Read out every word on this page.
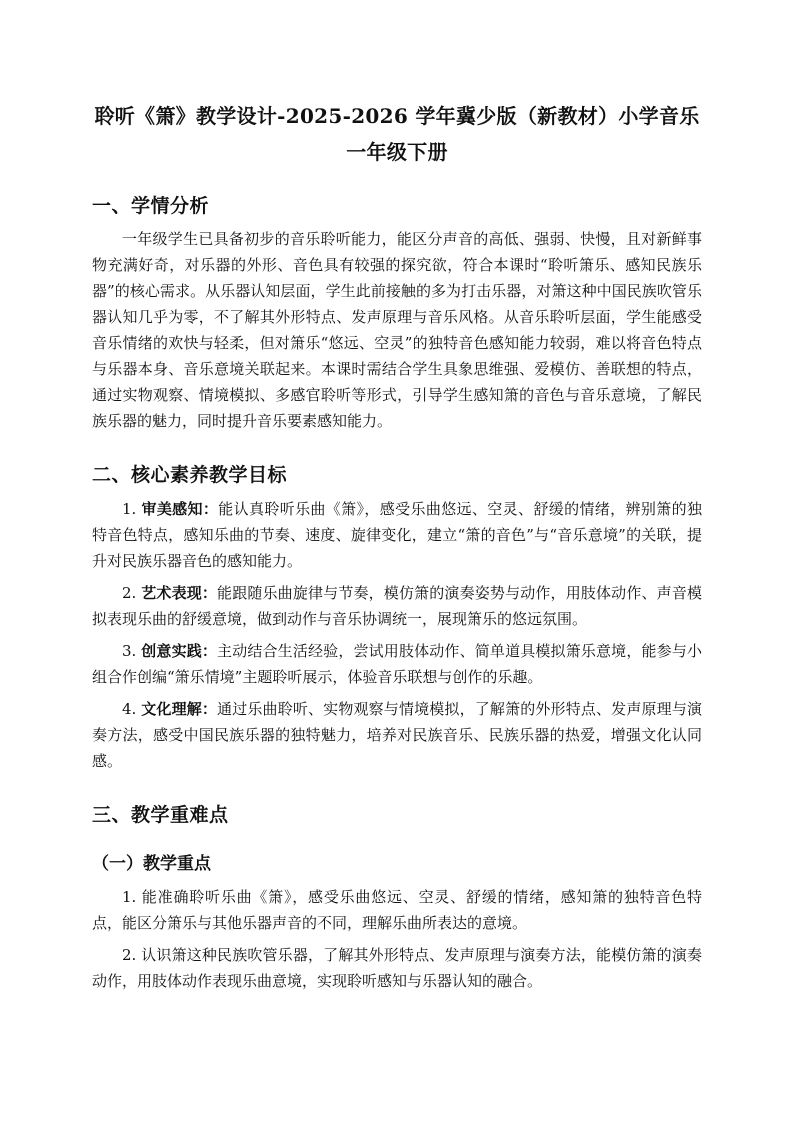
聆听《箫》教学设计-2025-2026 学年冀少版（新教材）小学音乐
一年级下册
一、学情分析

一年级学生已具备初步的音乐聆听能力，能区分声音的高低、强弱、快慢，且对新鲜事物充满好奇，对乐器的外形、音色具有较强的探究欲，符合本课时“聆听箫乐、感知民族乐器”的核心需求。从乐器认知层面，学生此前接触的多为打击乐器，对箫这种中国民族吹管乐器认知几乎为零，不了解其外形特点、发声原理与音乐风格。从音乐聆听层面，学生能感受音乐情绪的欢快与轻柔，但对箫乐“悠远、空灵”的独特音色感知能力较弱，难以将音色特点与乐器本身、音乐意境关联起来。本课时需结合学生具象思维强、爱模仿、善联想的特点，通过实物观察、情境模拟、多感官聆听等形式，引导学生感知箫的音色与音乐意境，了解民族乐器的魅力，同时提升音乐要素感知能力。

二、核心素养教学目标

1. 审美感知：能认真聆听乐曲《箫》，感受乐曲悠远、空灵、舒缓的情绪，辨别箫的独特音色特点，感知乐曲的节奏、速度、旋律变化，建立“箫的音色”与“音乐意境”的关联，提升对民族乐器音色的感知能力。

2. 艺术表现：能跟随乐曲旋律与节奏，模仿箫的演奏姿势与动作，用肢体动作、声音模拟表现乐曲的舒缓意境，做到动作与音乐协调统一，展现箫乐的悠远氛围。

3. 创意实践：主动结合生活经验，尝试用肢体动作、简单道具模拟箫乐意境，能参与小组合作创编“箫乐情境”主题聆听展示，体验音乐联想与创作的乐趣。

4. 文化理解：通过乐曲聆听、实物观察与情境模拟，了解箫的外形特点、发声原理与演奏方法，感受中国民族乐器的独特魅力，培养对民族音乐、民族乐器的热爱，增强文化认同感。

三、教学重难点
（一）教学重点

1. 能准确聆听乐曲《箫》，感受乐曲悠远、空灵、舒缓的情绪，感知箫的独特音色特点，能区分箫乐与其他乐器声音的不同，理解乐曲所表达的意境。

2. 认识箫这种民族吹管乐器，了解其外形特点、发声原理与演奏方法，能模仿箫的演奏动作，用肢体动作表现乐曲意境，实现聆听感知与乐器认知的融合。
